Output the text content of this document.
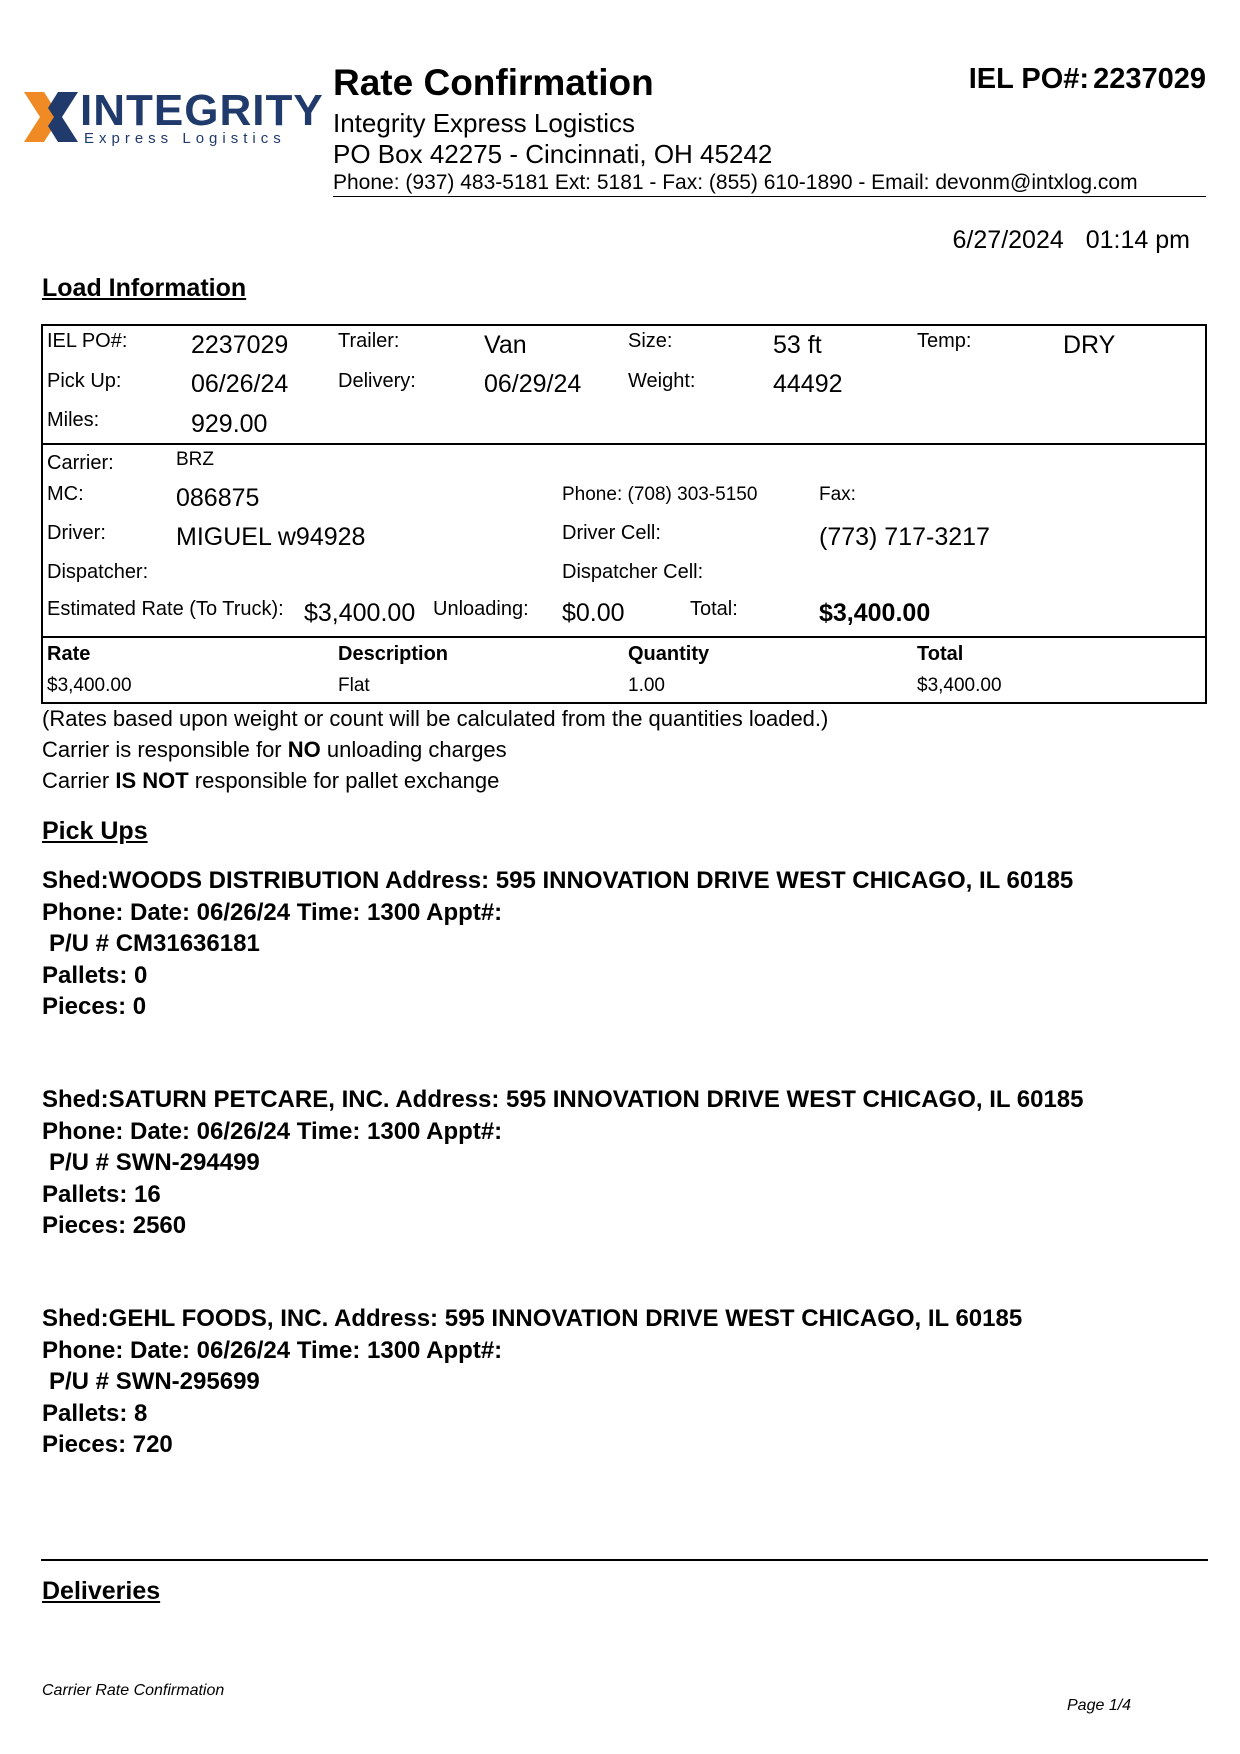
INTEGRITY
Express Logistics
Rate Confirmation	IEL PO#: 2237029
Integrity Express Logistics
PO Box 42275 - Cincinnati, OH 45242
Phone: (937) 483-5181 Ext: 5181 - Fax: (855) 610-1890 - Email: devonm@intxlog.com
6/27/2024 01:14 pm
Load Information
IEL PO#:	2237029 Trailer:	Van	Size:	53 ft	Temp:	DRY
Pick Up:	06/26/24 Delivery:	06/29/24 Weight:	44492
Miles:	929.00
Carrier:	BRZ
MC:	086875	Phone: (708) 303-5150	Fax:
Driver:	MIGUEL w94928	Driver Cell:	(773) 717-3217
Dispatcher:	Dispatcher Cell:
Estimated Rate (To Truck): $3,400.00 Unloading: $0.00	Total:	$3,400.00
Rate	Description	Quantity	Total
$3,400.00	Flat	1.00	$3,400.00
(Rates based upon weight or count will be calculated from the quantities loaded.)
Carrier is responsible for NO unloading charges
Carrier IS NOT responsible for pallet exchange
Pick Ups
Shed:WOODS DISTRIBUTION Address: 595 INNOVATION DRIVE WEST CHICAGO, IL 60185
Phone: Date: 06/26/24 Time: 1300 Appt#:
P/U # CM31636181
Pallets: 0
Pieces: 0
Shed:SATURN PETCARE, INC. Address: 595 INNOVATION DRIVE WEST CHICAGO, IL 60185
Phone: Date: 06/26/24 Time: 1300 Appt#:
P/U # SWN-294499
Pallets: 16
Pieces: 2560
Shed:GEHL FOODS, INC. Address: 595 INNOVATION DRIVE WEST CHICAGO, IL 60185
Phone: Date: 06/26/24 Time: 1300 Appt#:
P/U # SWN-295699
Pallets: 8
Pieces: 720
Deliveries
Carrier Rate Confirmation
Page 1/4
